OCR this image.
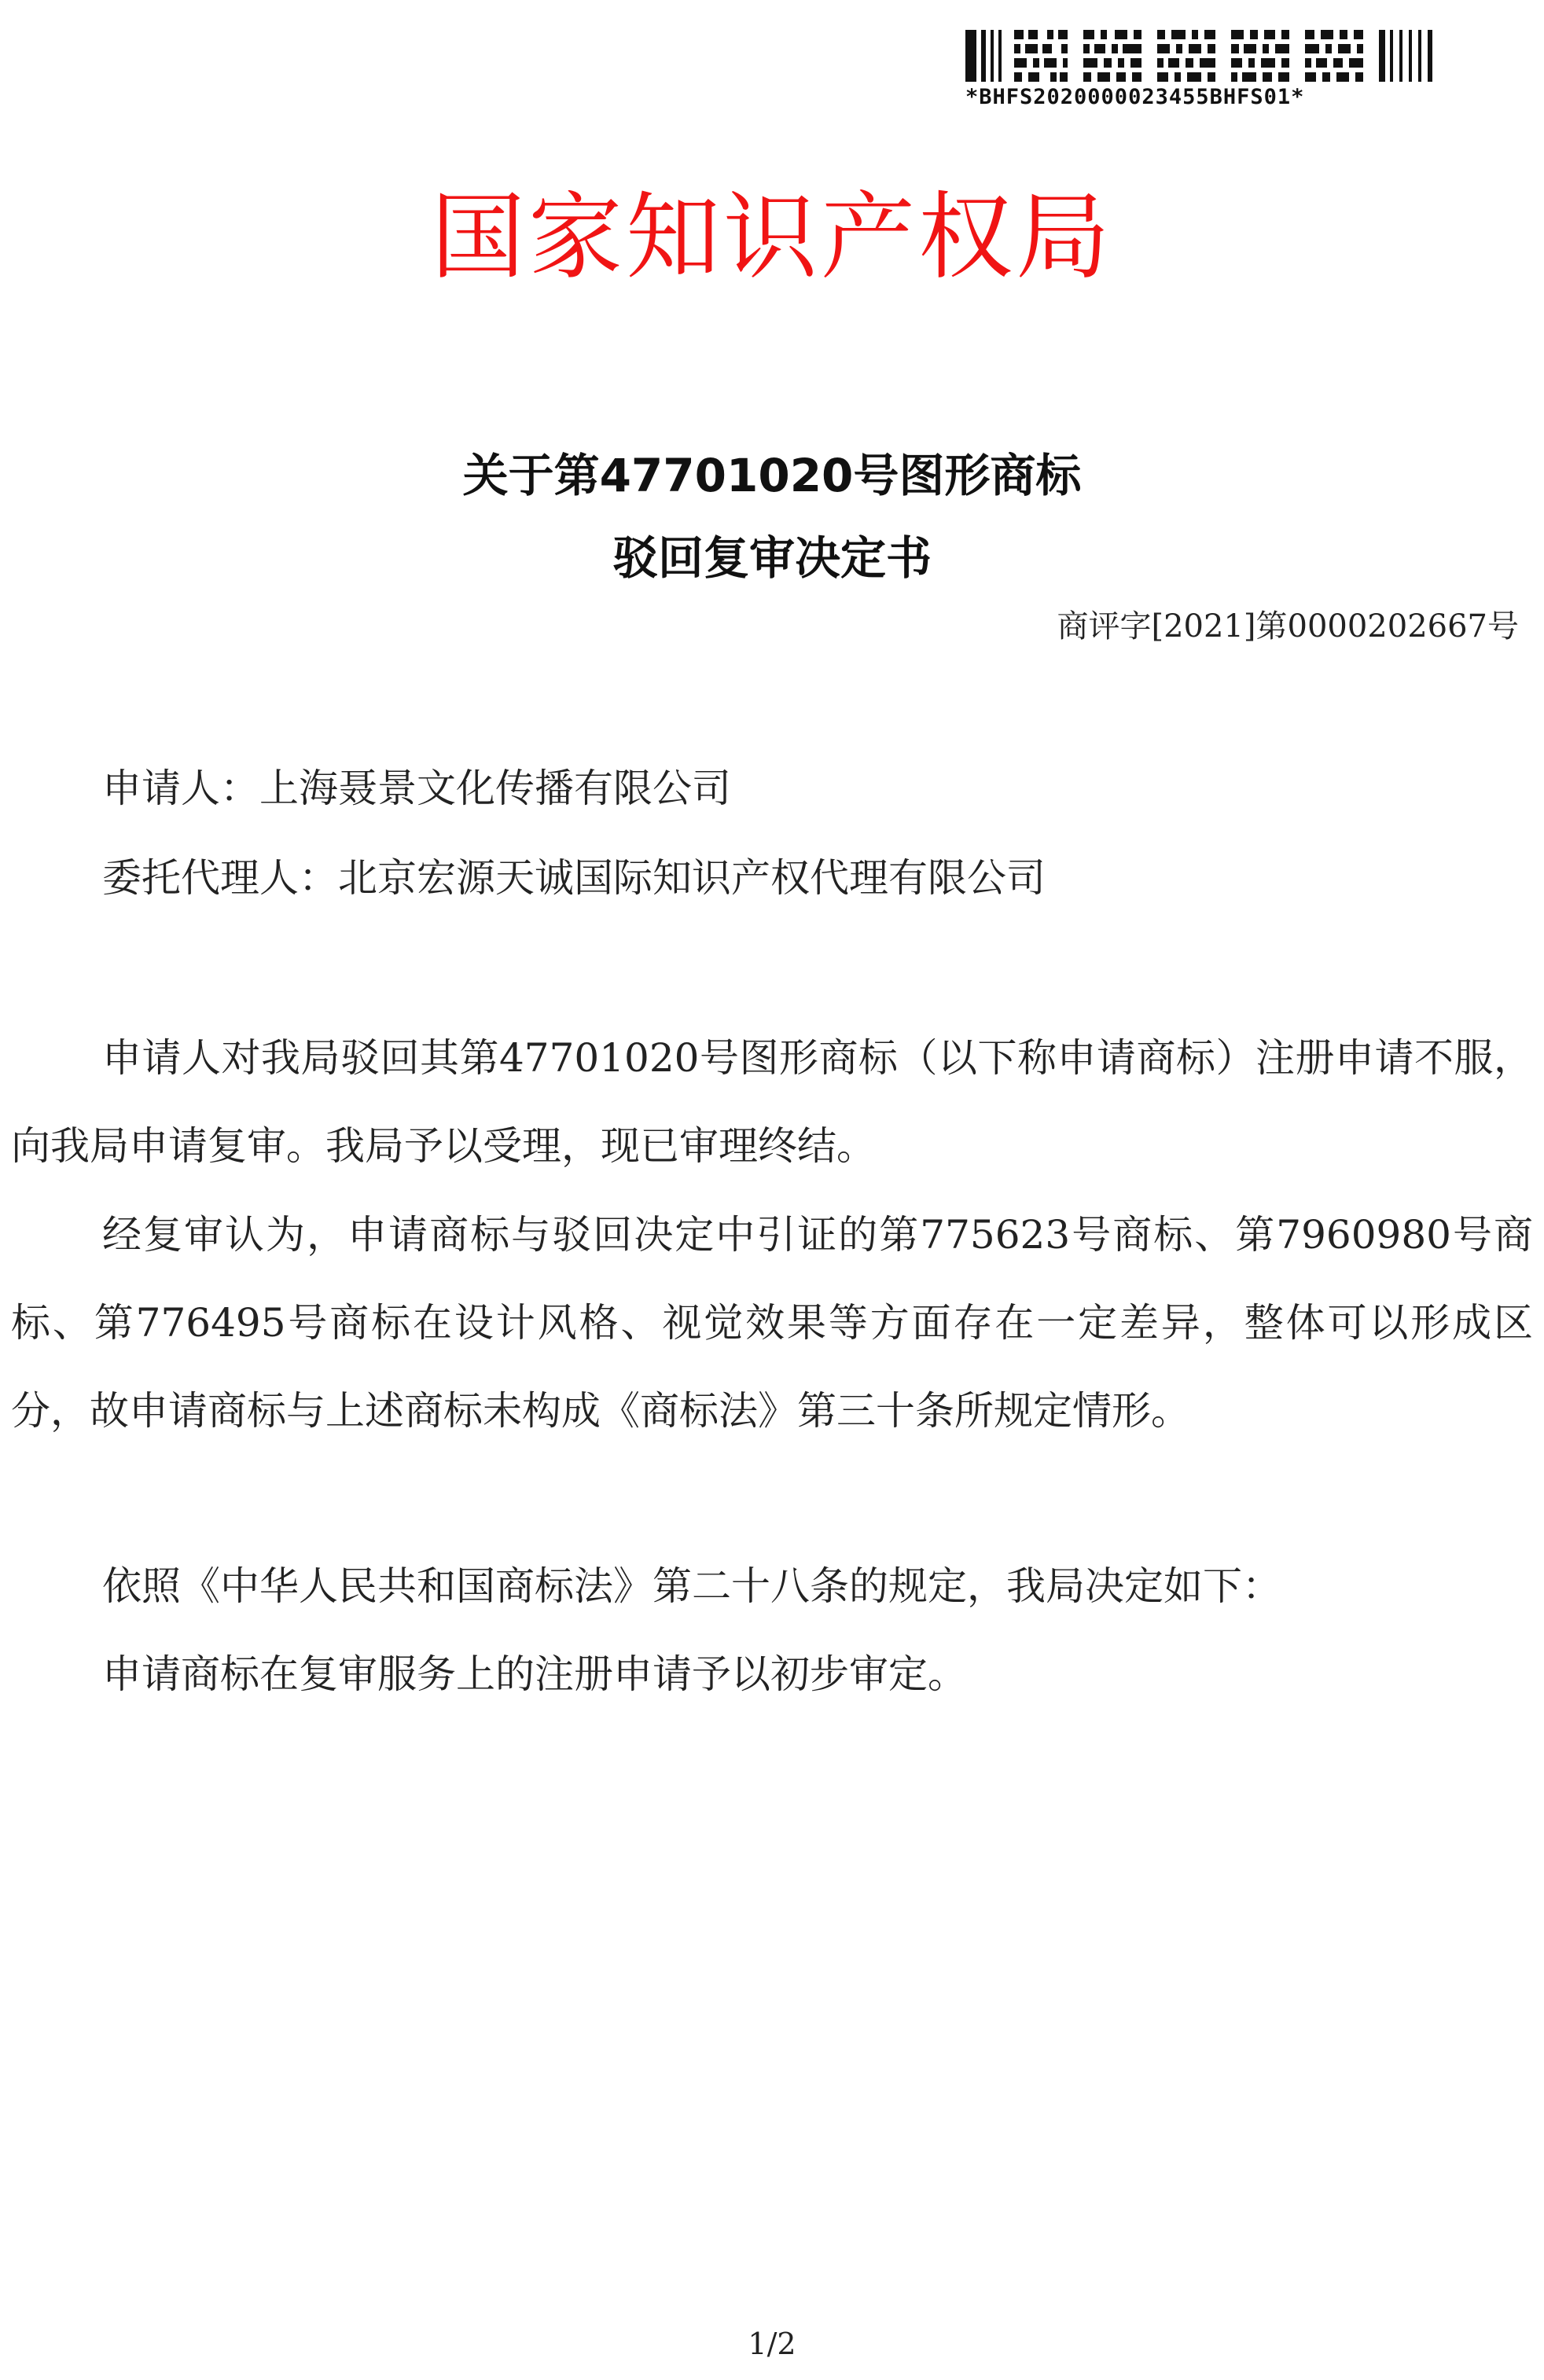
*BHFS2020000023455BHFS01*
国家知识产权局
关于第47701020号图形商标
驳回复审决定书
商评字[2021]第0000202667号
申请人：上海聂景文化传播有限公司
委托代理人：北京宏源天诚国际知识产权代理有限公司
申请人对我局驳回其第47701020号图形商标（以下称申请商标）注册申请不服，向我局申请复审。我局予以受理，现已审理终结。
经复审认为，申请商标与驳回决定中引证的第775623号商标、第7960980号商标、第776495号商标在设计风格、视觉效果等方面存在一定差异，整体可以形成区分，故申请商标与上述商标未构成《商标法》第三十条所规定情形。
依照《中华人民共和国商标法》第二十八条的规定，我局决定如下：
申请商标在复审服务上的注册申请予以初步审定。
1/2
